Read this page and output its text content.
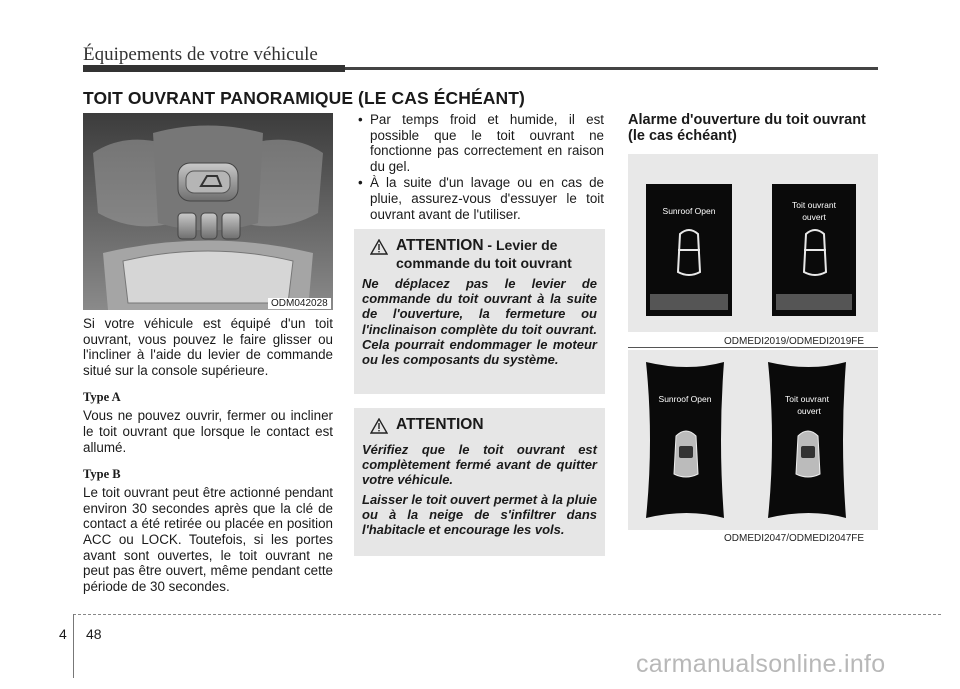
Équipements de votre véhicule
TOIT OUVRANT PANORAMIQUE (LE CAS ÉCHÉANT)
ODM042028

Si votre véhicule est équipé d'un toit ouvrant, vous pouvez le faire glisser ou l'incliner à l'aide du levier de commande situé sur la console supérieure.

Type A

Vous ne pouvez ouvrir, fermer ou incliner le toit ouvrant que lorsque le contact est allumé.

Type B

Le toit ouvrant peut être actionné pendant environ 30 secondes après que la clé de contact a été retirée ou placée en position ACC ou LOCK. Toutefois, si les portes avant sont ouvertes, le toit ouvrant ne peut pas être ouvert, même pendant cette période de 30 secondes.

• Par temps froid et humide, il est possible que le toit ouvrant ne fonctionne pas correctement en raison du gel.
• À la suite d'un lavage ou en cas de pluie, assurez-vous d'essuyer le toit ouvrant avant de l'utiliser.
ATTENTION - Levier de
commande du toit ouvrant
Ne déplacez pas le levier de commande du toit ouvrant à la suite de l'ouverture, la fermeture ou l'inclinaison complète du toit ouvrant. Cela pourrait endommager le moteur ou les composants du système.
ATTENTION
Vérifiez que le toit ouvrant est complètement fermé avant de quitter votre véhicule.
Laisser le toit ouvert permet à la pluie ou à la neige de s'infiltrer dans l'habitacle et encourage les vols.
Alarme d'ouverture du toit ouvrant (le cas échéant)
Sunroof Open
Toit ouvrant
ouvert
ODMEDI2019/ODMEDI2019FE
Sunroof Open	Toit ouvrant
ouvert
ODMEDI2047/ODMEDI2047FE
4 48
carmanualsonline.info
